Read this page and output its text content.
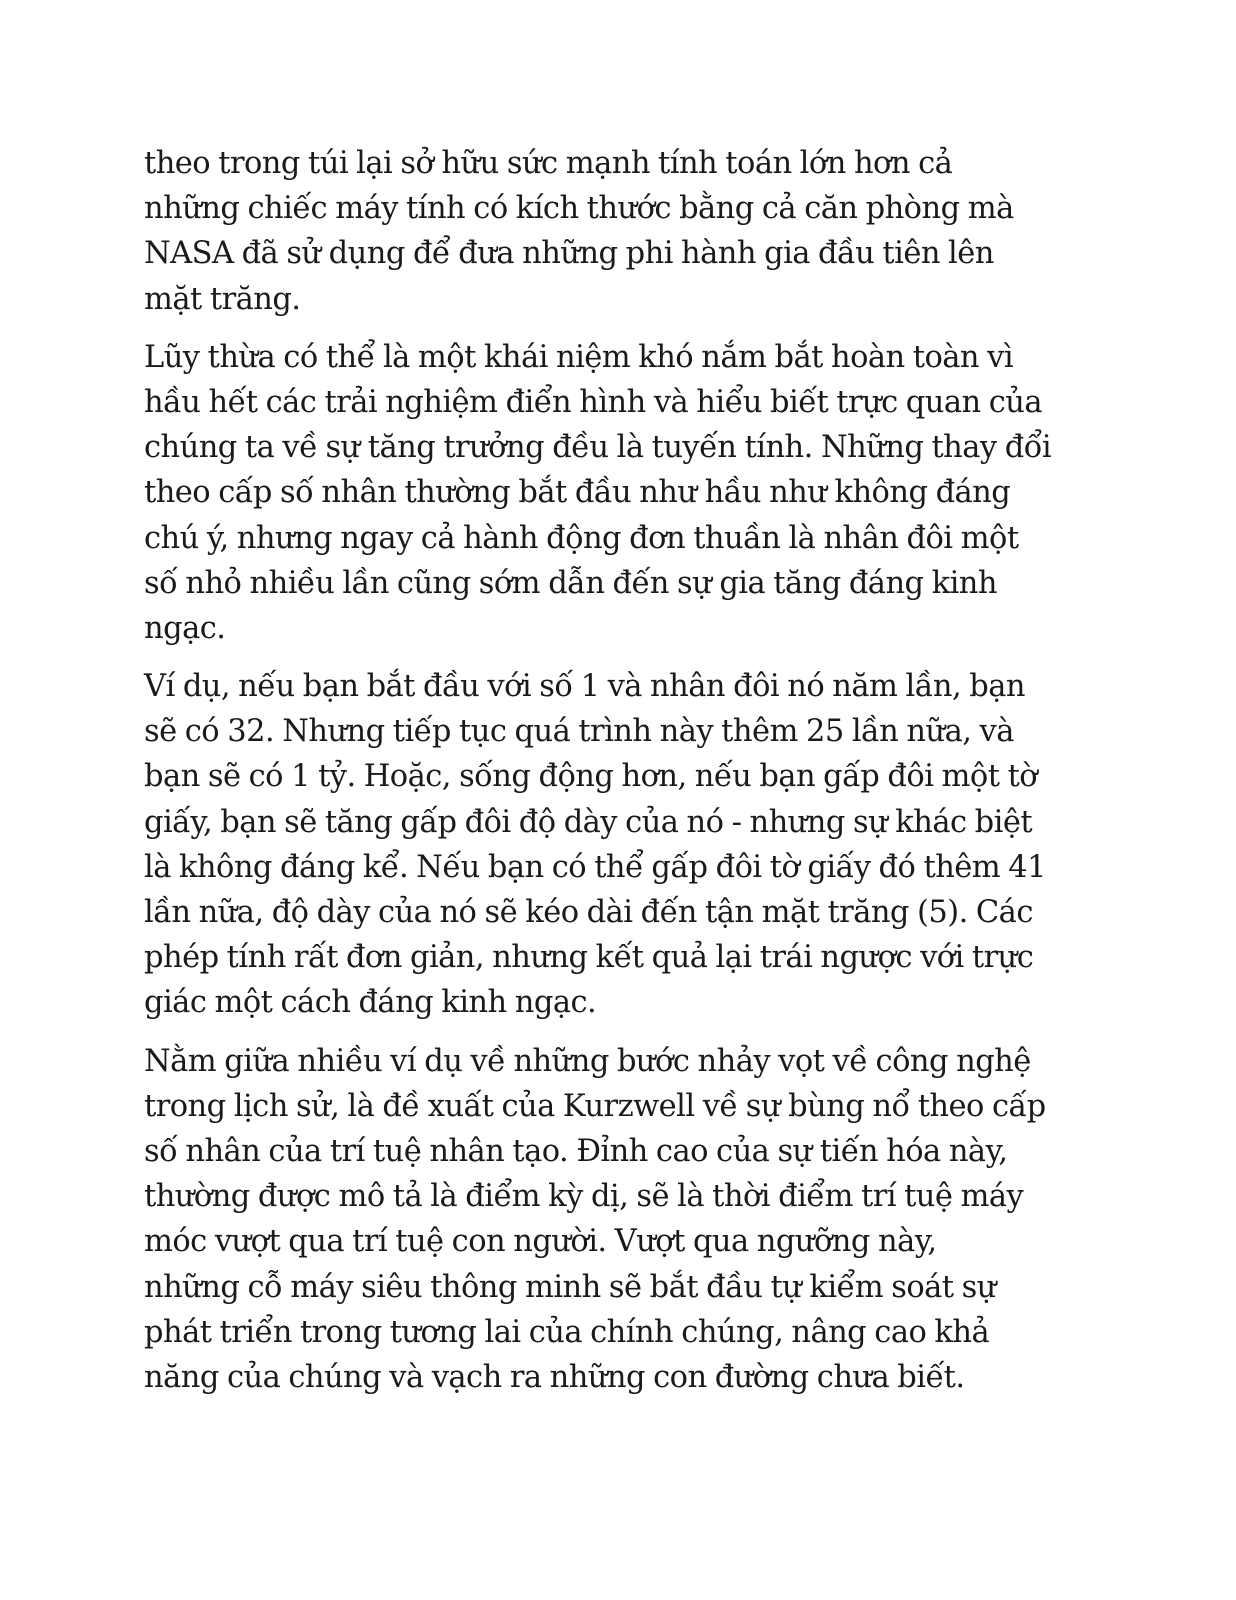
theo trong túi lại sở hữu sức mạnh tính toán lớn hơn cả
những chiếc máy tính có kích thước bằng cả căn phòng mà
NASA đã sử dụng để đưa những phi hành gia đầu tiên lên
mặt trăng.
Lũy thừa có thể là một khái niệm khó nắm bắt hoàn toàn vì
hầu hết các trải nghiệm điển hình và hiểu biết trực quan của
chúng ta về sự tăng trưởng đều là tuyến tính. Những thay đổi
theo cấp số nhân thường bắt đầu như hầu như không đáng
chú ý, nhưng ngay cả hành động đơn thuần là nhân đôi một
số nhỏ nhiều lần cũng sớm dẫn đến sự gia tăng đáng kinh
ngạc.
Ví dụ, nếu bạn bắt đầu với số 1 và nhân đôi nó năm lần, bạn
sẽ có 32. Nhưng tiếp tục quá trình này thêm 25 lần nữa, và
bạn sẽ có 1 tỷ. Hoặc, sống động hơn, nếu bạn gấp đôi một tờ
giấy, bạn sẽ tăng gấp đôi độ dày của nó - nhưng sự khác biệt
là không đáng kể. Nếu bạn có thể gấp đôi tờ giấy đó thêm 41
lần nữa, độ dày của nó sẽ kéo dài đến tận mặt trăng (5). Các
phép tính rất đơn giản, nhưng kết quả lại trái ngược với trực
giác một cách đáng kinh ngạc.
Nằm giữa nhiều ví dụ về những bước nhảy vọt về công nghệ
trong lịch sử, là đề xuất của Kurzwell về sự bùng nổ theo cấp
số nhân của trí tuệ nhân tạo. Đỉnh cao của sự tiến hóa này,
thường được mô tả là điểm kỳ dị, sẽ là thời điểm trí tuệ máy
móc vượt qua trí tuệ con người. Vượt qua ngưỡng này,
những cỗ máy siêu thông minh sẽ bắt đầu tự kiểm soát sự
phát triển trong tương lai của chính chúng, nâng cao khả
năng của chúng và vạch ra những con đường chưa biết.
